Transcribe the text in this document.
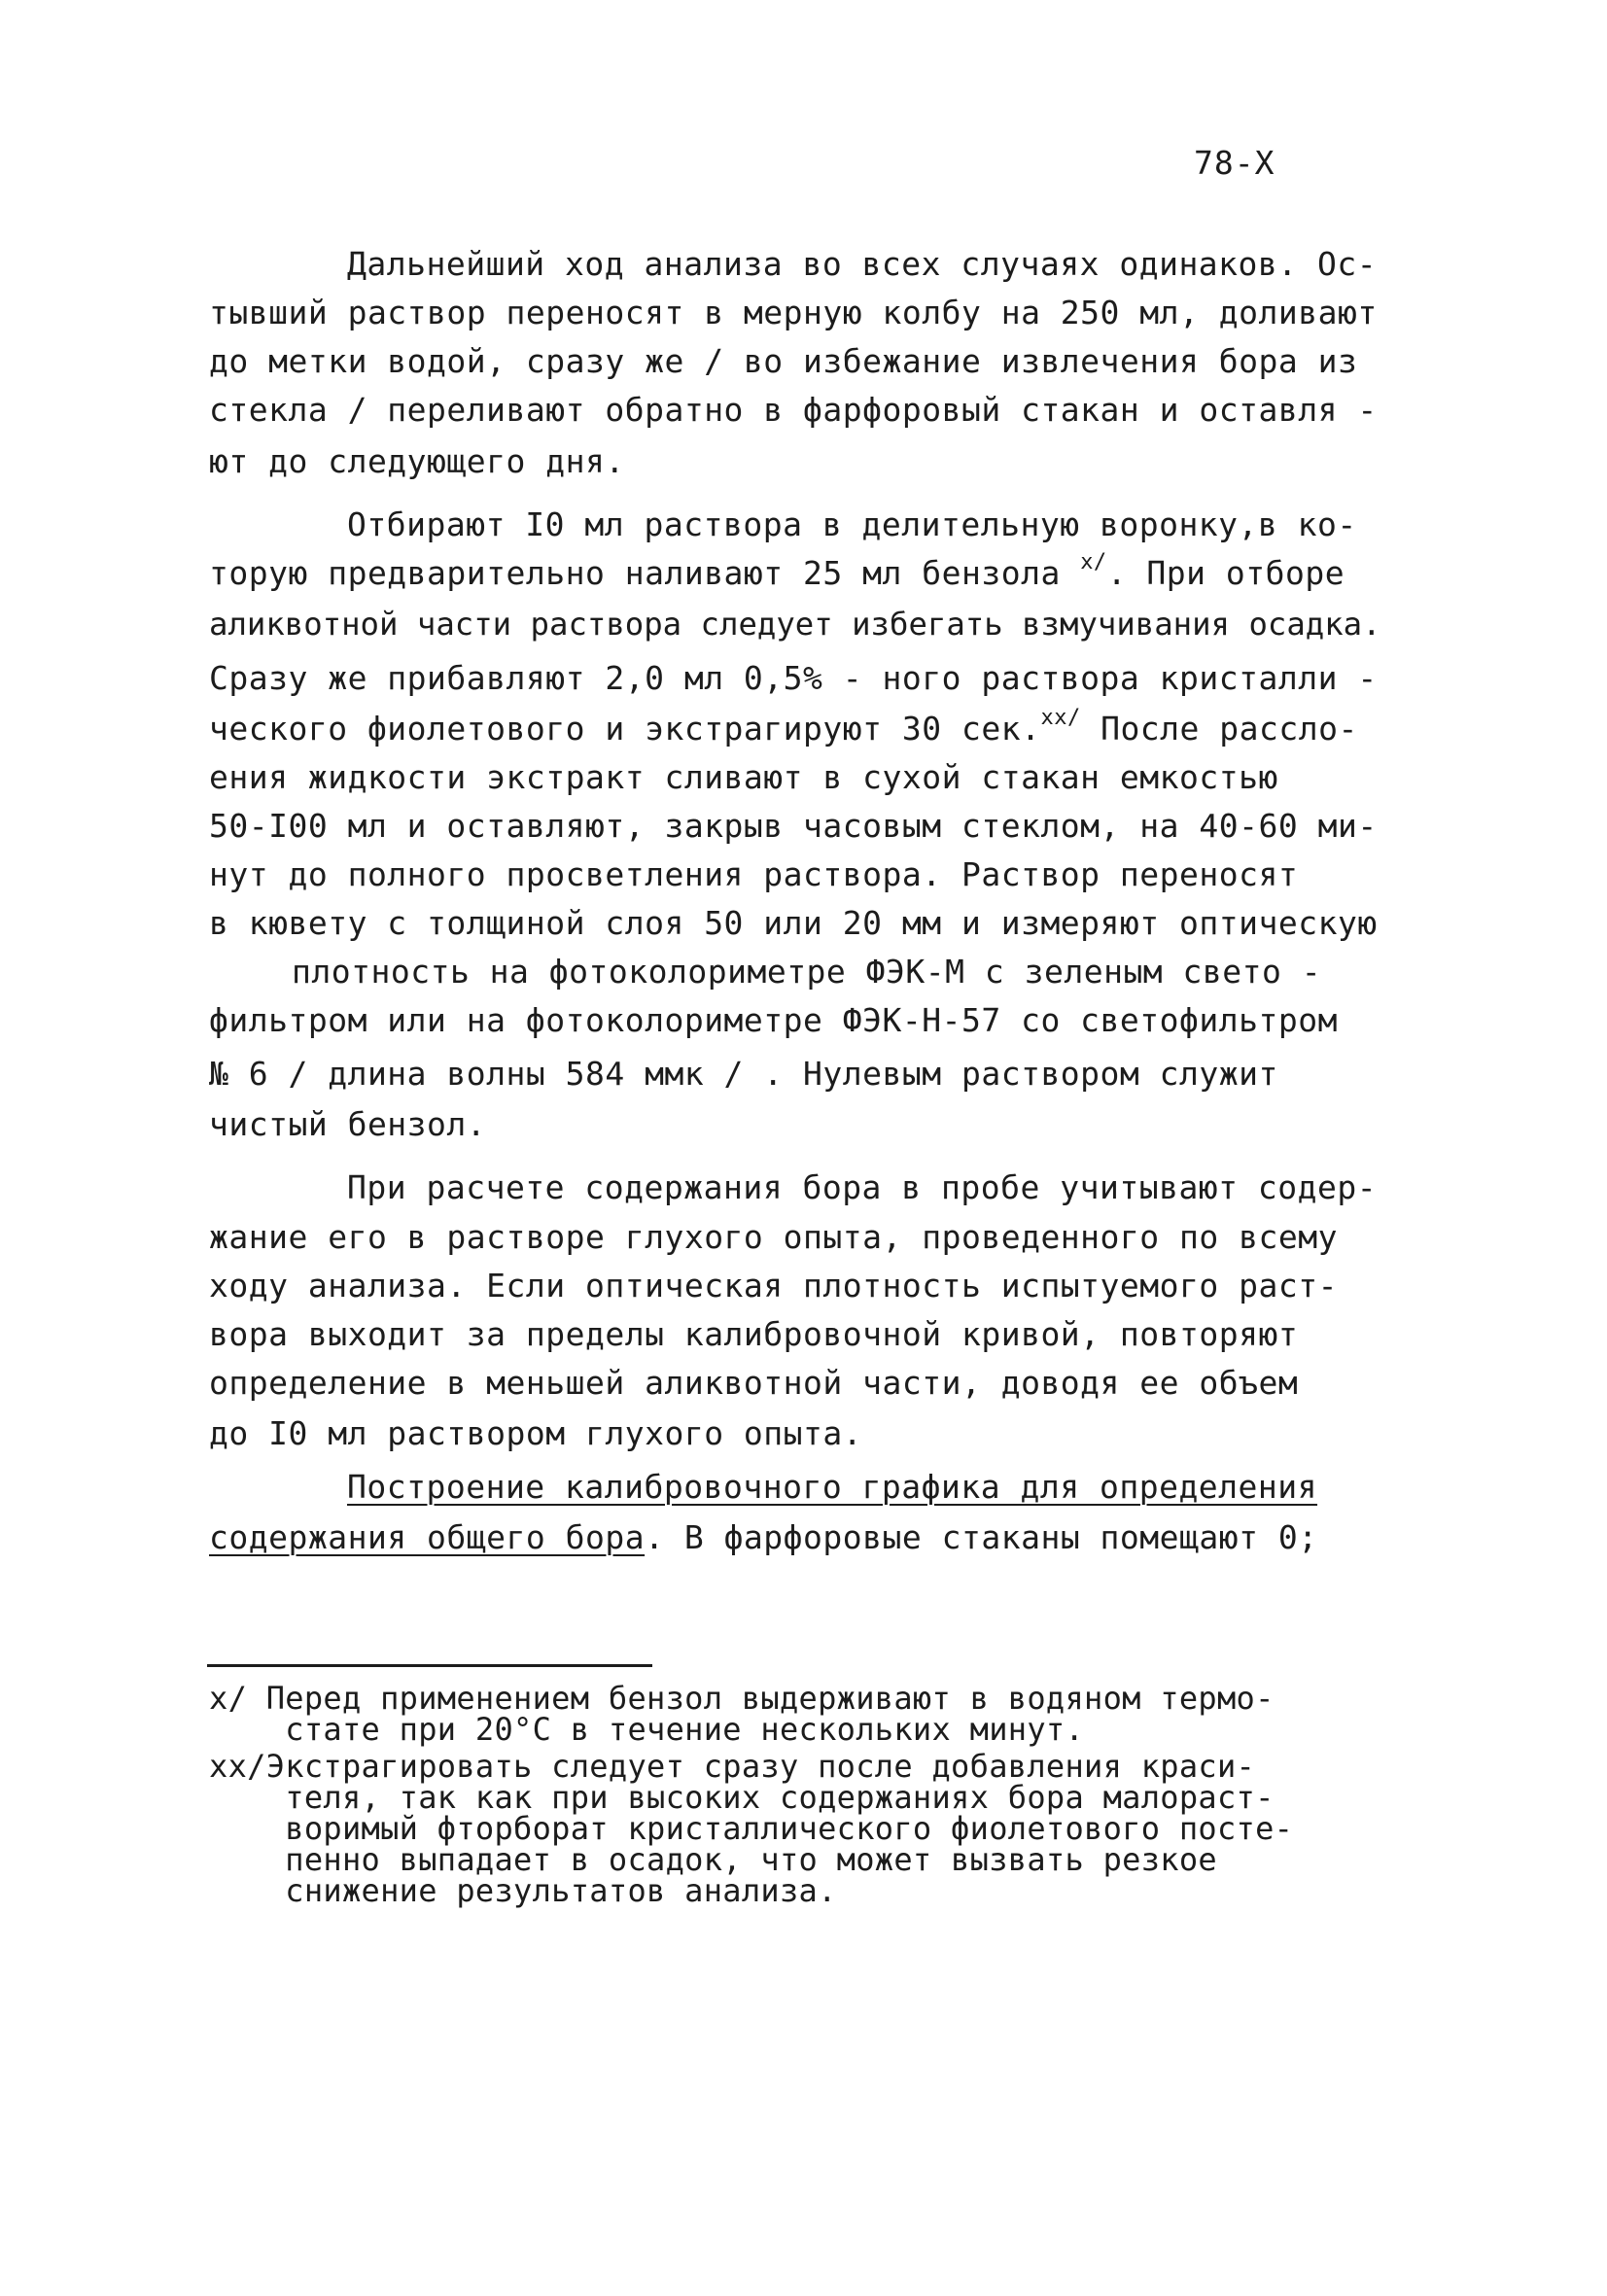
78-Х
Дальнейший ход анализа во всех случаях одинаков. Ос-
тывший раствор переносят в мерную колбу на 250 мл, доливают
до метки водой, сразу же / во избежание извлечения бора из
стекла / переливают обратно в фарфоровый стакан и оставля -
ют до следующего дня.
Отбирают I0 мл раствора в делительную воронку,в ко-
торую предварительно наливают 25 мл бензола $^{х/}$. При отборе
аликвотной части раствора следует избегать взмучивания осадка.
Сразу же прибавляют 2,0 мл 0,5% - ного раствора кристалли -
ческого фиолетового и экстрагируют 30 сек.$^{хх/}$ После рассло-
ения жидкости экстракт сливают в сухой стакан емкостью
50-I00 мл и оставляют, закрыв часовым стеклом, на 40-60 ми-
нут до полного просветления раствора. Раствор переносят
в кювету с толщиной слоя 50 или 20 мм и измеряют оптическую
плотность на фотоколориметре ФЭК-М с зеленым свето -
фильтром или на фотоколориметре ФЭК-Н-57 со светофильтром
№ 6 / длина волны 584 ммк / . Нулевым раствором служит
чистый бензол.
При расчете содержания бора в пробе учитывают содер-
жание его в растворе глухого опыта, проведенного по всему
ходу анализа. Если оптическая плотность испытуемого раст-
вора выходит за пределы калибровочной кривой, повторяют
определение в меньшей аликвотной части, доводя ее объем
до I0 мл раствором глухого опыта.
Построение калибровочного графика для определения
содержания общего бора. В фарфоровые стаканы помещают 0;
х/ Перед применением бензол выдерживают в водяном термо-
стате при 20°С в течение нескольких минут.
хх/Экстрагировать следует сразу после добавления краси-
теля, так как при высоких содержаниях бора малораст-
воримый фторборат кристаллического фиолетового посте-
пенно выпадает в осадок, что может вызвать резкое
снижение результатов анализа.
